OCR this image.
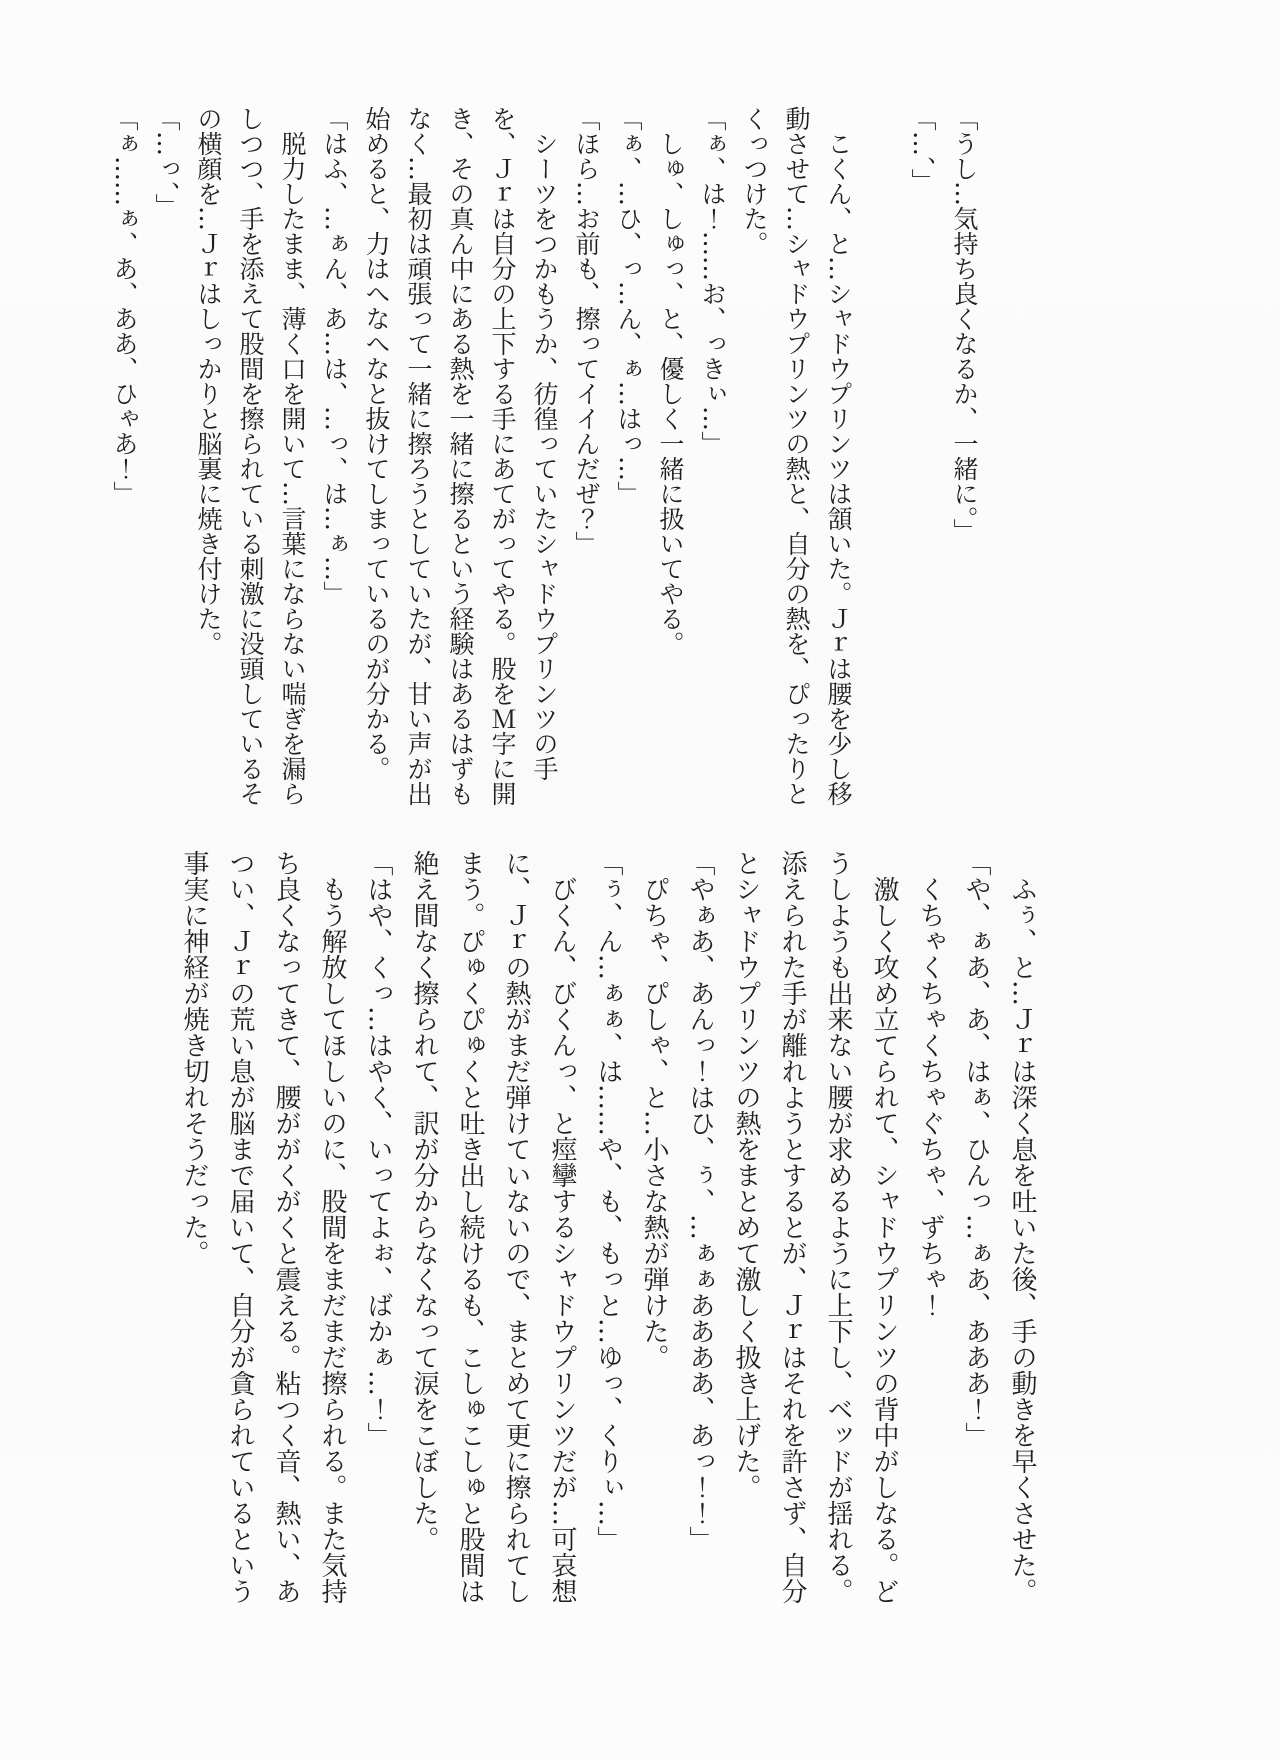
「うし…気持ち良くなるか、一緒に。」

「…、」

こくん、と…シャドウプリンツは頷いた。Ｊｒは腰を少し移動させて…シャドウプリンツの熱と、自分の熱を、ぴったりとくっつけた。

「ぁ、は！……お、っきぃ…」

しゅ、しゅっ、と、優しく一緒に扱いてやる。

「ぁ、…ひ、っ…ん、ぁ…はっ…」

「ほら…お前も、擦ってイイんだぜ？」

シーツをつかもうか、彷徨っていたシャドウプリンツの手を、Ｊｒは自分の上下する手にあてがってやる。股をＭ字に開き、その真ん中にある熱を一緒に擦るという経験はあるはずもなく…最初は頑張って一緒に擦ろうとしていたが、甘い声が出始めると、力はへなへなと抜けてしまっているのが分かる。

「はふ、…ぁん、あ…は、…っ、は…ぁ…」

脱力したまま、薄く口を開いて…言葉にならない喘ぎを漏らしつつ、手を添えて股間を擦られている刺激に没頭しているその横顔を…Ｊｒはしっかりと脳裏に焼き付けた。

「…っ、」

「ぁ……ぁ、あ、ああ、ひゃあ！」

ふぅ、と…Ｊｒは深く息を吐いた後、手の動きを早くさせた。

「や、ぁあ、あ、はぁ、ひんっ…ぁあ、あああ！」

くちゃくちゃくちゃぐちゃ、ずちゃ！

激しく攻め立てられて、シャドウプリンツの背中がしなる。どうしようも出来ない腰が求めるように上下し、ベッドが揺れる。添えられた手が離れようとするとが、Ｊｒはそれを許さず、自分とシャドウプリンツの熱をまとめて激しく扱き上げた。

「やぁあ、あんっ！はひ、ぅ、…ぁぁああああ、あっ！！」

ぴちゃ、ぴしゃ、と…小さな熱が弾けた。

「ぅ、ん…ぁぁ、は……や、も、もっと…ゆっ、くりぃ…」

びくん、びくんっ、と痙攣するシャドウプリンツだが…可哀想に、Ｊｒの熱がまだ弾けていないので、まとめて更に擦られてしまう。ぴゅくぴゅくと吐き出し続けるも、こしゅこしゅと股間は絶え間なく擦られて、訳が分からなくなって涙をこぼした。

「はや、くっ…はやく、いってよぉ、ばかぁ…！」

もう解放してほしいのに、股間をまだまだ擦られる。また気持ち良くなってきて、腰ががくがくと震える。粘つく音、熱い、あつい、Ｊｒの荒い息が脳まで届いて、自分が貪られているという事実に神経が焼き切れそうだった。
